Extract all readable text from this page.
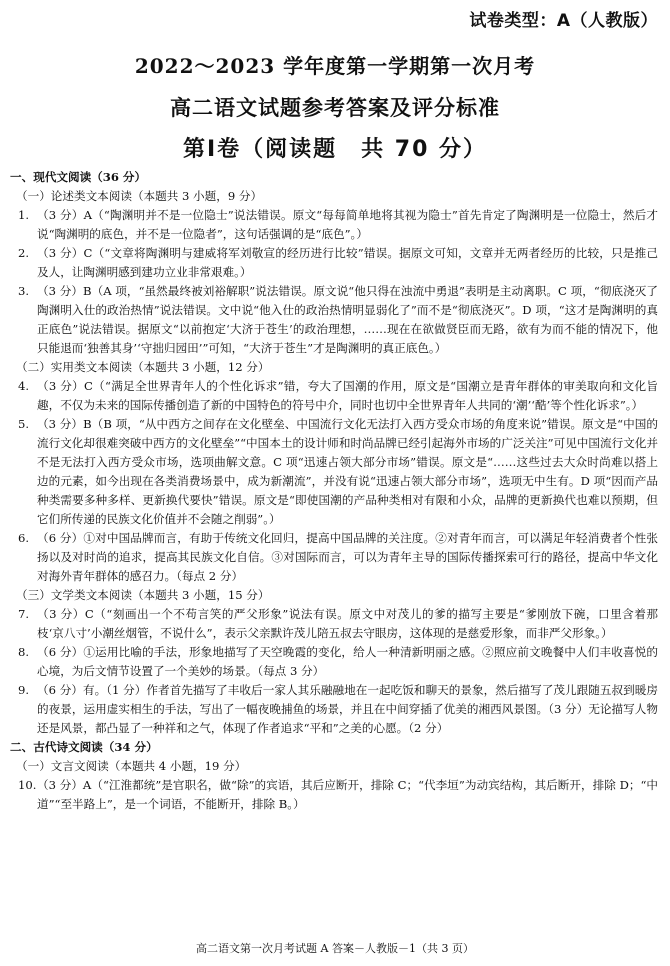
试卷类型：A（人教版）
2022～2023 学年度第一学期第一次月考
高二语文试题参考答案及评分标准
第Ⅰ卷（阅读题　共 70 分）

一、现代文阅读（36 分）

（一）论述类文本阅读（本题共 3 小题，9 分）

1. （3 分）A（“陶渊明并不是一位隐士”说法错误。原文“每每简单地将其视为隐士”首先肯定了陶渊明是一位隐士，然后才说“陶渊明的底色，并不是一位隐者”，这句话强调的是“底色”。）

2. （3 分）C（“文章将陶渊明与建威将军刘敬宣的经历进行比较”错误。据原文可知，文章并无两者经历的比较，只是推己及人，让陶渊明感到建功立业非常艰难。）

3. （3 分）B（A 项，“虽然最终被刘裕解职”说法错误。原文说“他只得在浊流中勇退”表明是主动离职。C 项，“彻底浇灭了陶渊明入仕的政治热情”说法错误。文中说“他入仕的政治热情明显弱化了”而不是“彻底浇灭”。D 项，“这才是陶渊明的真正底色”说法错误。据原文“以前抱定‘大济于苍生’的政治理想，……现在在欲做贤臣而无路，欲有为而不能的情况下，他只能退而‘独善其身’‘守拙归园田’”可知，“大济于苍生”才是陶渊明的真正底色。）

（二）实用类文本阅读（本题共 3 小题，12 分）

4. （3 分）C（“满足全世界青年人的个性化诉求”错，夸大了国潮的作用，原文是“国潮立是青年群体的审美取向和文化旨趣，不仅为未来的国际传播创造了新的中国特色的符号中介，同时也切中全世界青年人共同的‘潮’‘酷’等个性化诉求”。）

5. （3 分）B（B 项，“从中西方之间存在文化壁垒、中国流行文化无法打入西方受众市场的角度来说”错误。原文是“中国的流行文化却很难突破中西方的文化壁垒”“中国本土的设计师和时尚品牌已经引起海外市场的广泛关注”可见中国流行文化并不是无法打入西方受众市场，选项曲解文意。C 项“迅速占领大部分市场”错误。原文是“……这些过去大众时尚难以搭上边的元素，如今出现在各类消费场景中，成为新潮流”，并没有说“迅速占领大部分市场”，选项无中生有。D 项“因而产品种类需要多种多样、更新换代要快”错误。原文是“即使国潮的产品种类相对有限和小众，品牌的更新换代也难以预期，但它们所传递的民族文化价值并不会随之削弱”。）

6. （6 分）①对中国品牌而言，有助于传统文化回归，提高中国品牌的关注度。②对青年而言，可以满足年轻消费者个性张扬以及对时尚的追求，提高其民族文化自信。③对国际而言，可以为青年主导的国际传播探索可行的路径，提高中华文化对海外青年群体的感召力。（每点 2 分）

（三）文学类文本阅读（本题共 3 小题，15 分）

7. （3 分）C（“刻画出一个不苟言笑的严父形象”说法有误。原文中对茂儿的爹的描写主要是“爹刚放下碗，口里含着那枝‘京八寸’小潮丝烟管，不说什么”，表示父亲默许茂儿陪五叔去守眼房，这体现的是慈爱形象，而非严父形象。）

8. （6 分）①运用比喻的手法，形象地描写了天空晚霞的变化，给人一种清新明丽之感。②照应前文晚餐中人们丰收喜悦的心境，为后文情节设置了一个美妙的场景。（每点 3 分）

9. （6 分）有。（1 分）作者首先描写了丰收后一家人其乐融融地在一起吃饭和聊天的景象，然后描写了茂儿跟随五叔到暖房的夜景，运用虚实相生的手法，写出了一幅夜晚捕鱼的场景，并且在中间穿插了优美的湘西风景图。（3 分）无论描写人物还是风景，都凸显了一种祥和之气，体现了作者追求“平和”之美的心愿。（2 分）

二、古代诗文阅读（34 分）

（一）文言文阅读（本题共 4 小题，19 分）

10. （3 分）A（“江淮都统”是官职名，做“除”的宾语，其后应断开，排除 C；“代李垣”为动宾结构，其后断开，排除 D；“中道”“至半路上”，是一个词语，不能断开，排除 B。）

高二语文第一次月考试题 A 答案－人教版－1（共 3 页）
